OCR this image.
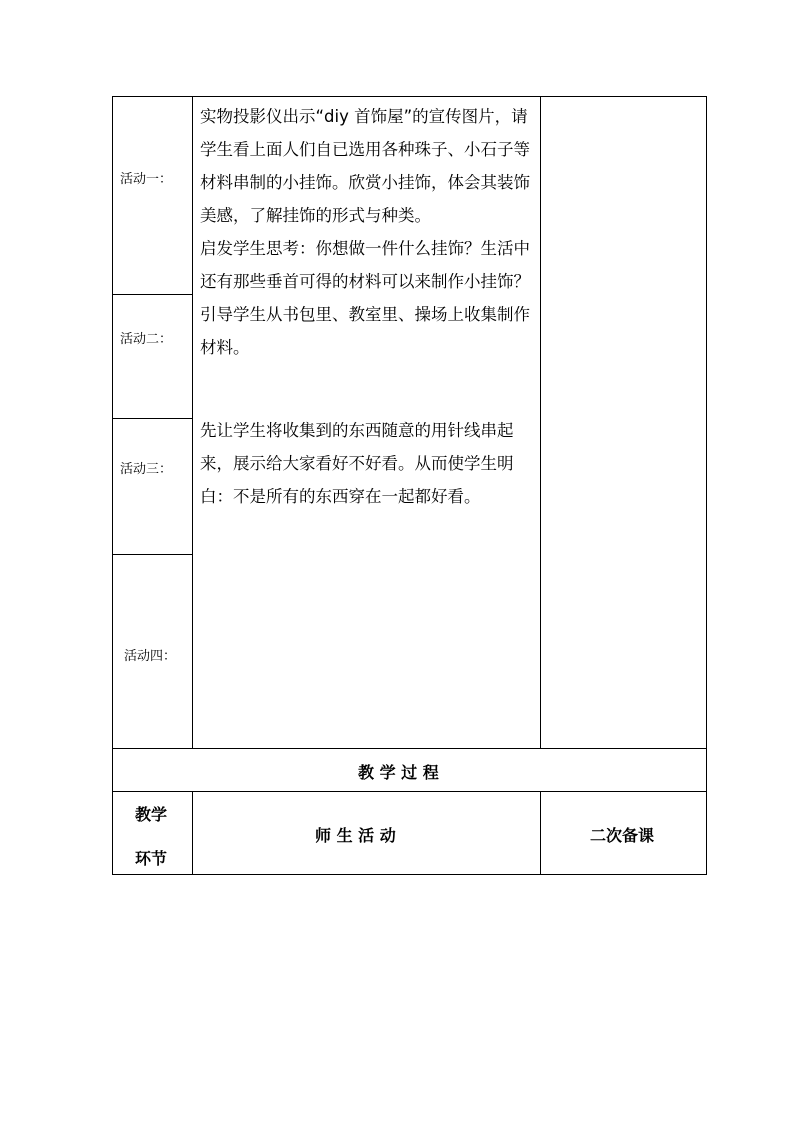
活动一：
活动二：
活动三：
活动四：

实物投影仪出示“diy 首饰屋”的宣传图片，请学生看上面人们自已选用各种珠子、小石子等材料串制的小挂饰。欣赏小挂饰，体会其装饰美感，了解挂饰的形式与种类。

启发学生思考：你想做一件什么挂饰？生活中还有那些垂首可得的材料可以来制作小挂饰？

引导学生从书包里、教室里、操场上收集制作材料。

先让学生将收集到的东西随意的用针线串起来，展示给大家看好不好看。从而使学生明白：不是所有的东西穿在一起都好看。

教 学 过 程
教学
环节
师 生 活 动	二次备课
